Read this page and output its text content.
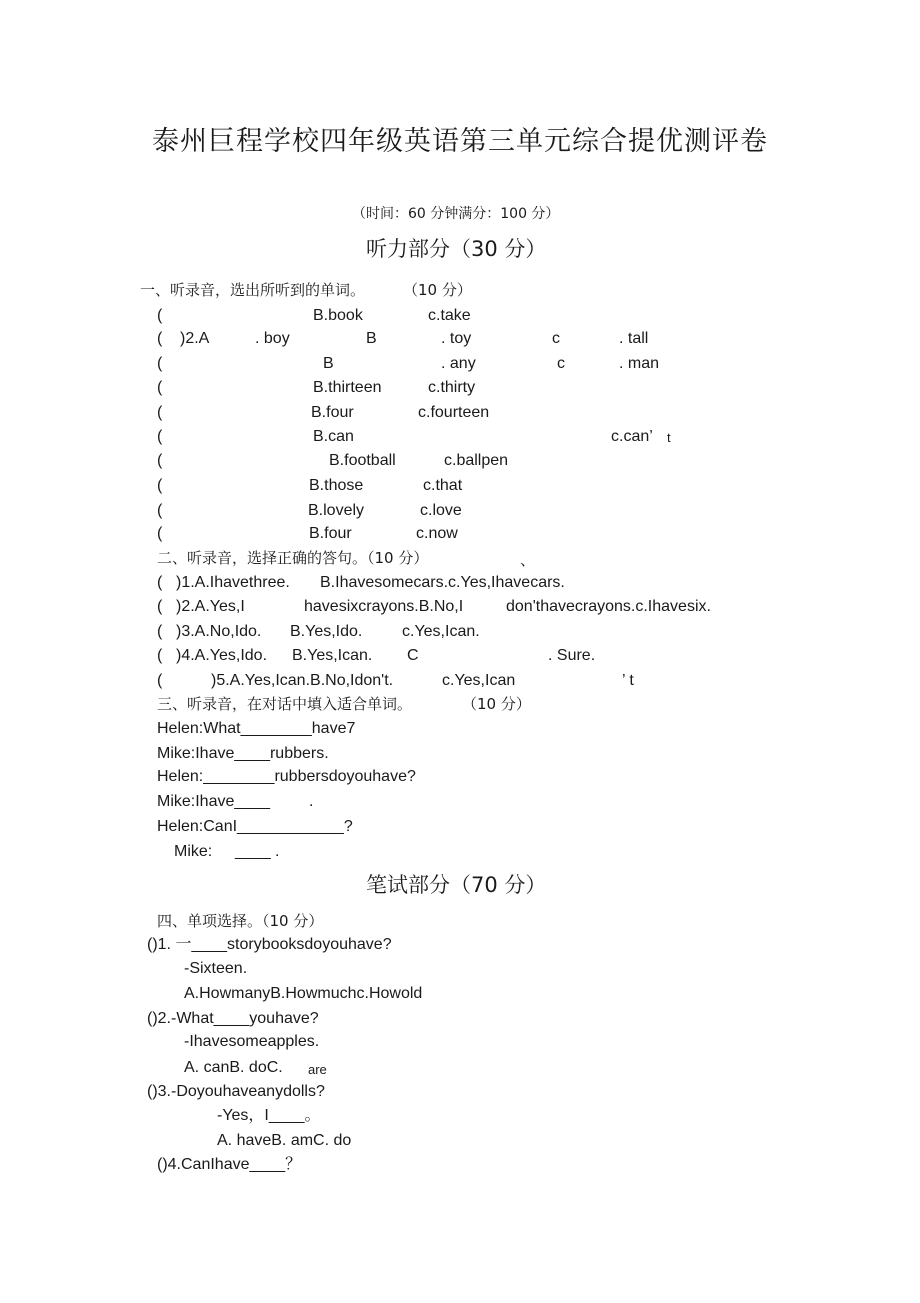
泰州巨程学校四年级英语第三单元综合提优测评卷
（时间：60 分钟满分：100 分）
听力部分（30 分）
一、听录音，选出所听到的单词。	（10 分）
(	B.book	c.take
( )2.A	. boy	B	. toy	c	. tall
(	B	. any	c	. man
(	B.thirteen	c.thirty
(	B.four	c.fourteen
(	B.can	c.can’ t
(	B.football	c.ballpen
(	B.those	c.that
(	B.lovely	c.love
(	B.four	c.now
二、听录音，选择正确的答句。（10 分）	、
( )1.A.Ihavethree. B.Ihavesomecars.c.Yes,Ihavecars.
( )2.A.Yes,I	havesixcrayons.B.No,I	don'thavecrayons.c.Ihavesix.
( )3.A.No,Ido. B.Yes,Ido. c.Yes,Ican.
( )4.A.Yes,Ido. B.Yes,Ican. C	. Sure.
(	)5.A.Yes,Ican.B.No,Idon't.	c.Yes,Ican	’ t
三、听录音，在对话中填入适合单词。	（10 分）
Helen:What________have7
Mike:Ihave____rubbers.
Helen:________rubbersdoyouhave?
Mike:Ihave____ .
Helen:CanI____________?
Mike: ____ .
笔试部分（70 分）
四、单项选择。（10 分）
()1. 一____storybooksdoyouhave?
-Sixteen.
A.HowmanyB.Howmuchc.Howold
()2.-What____youhave?
-Ihavesomeapples.
A. canB. doC. are
()3.-Doyouhaveanydolls?
-Yes，I____。
A. haveB. amC. do
()4.CanIhave____？
